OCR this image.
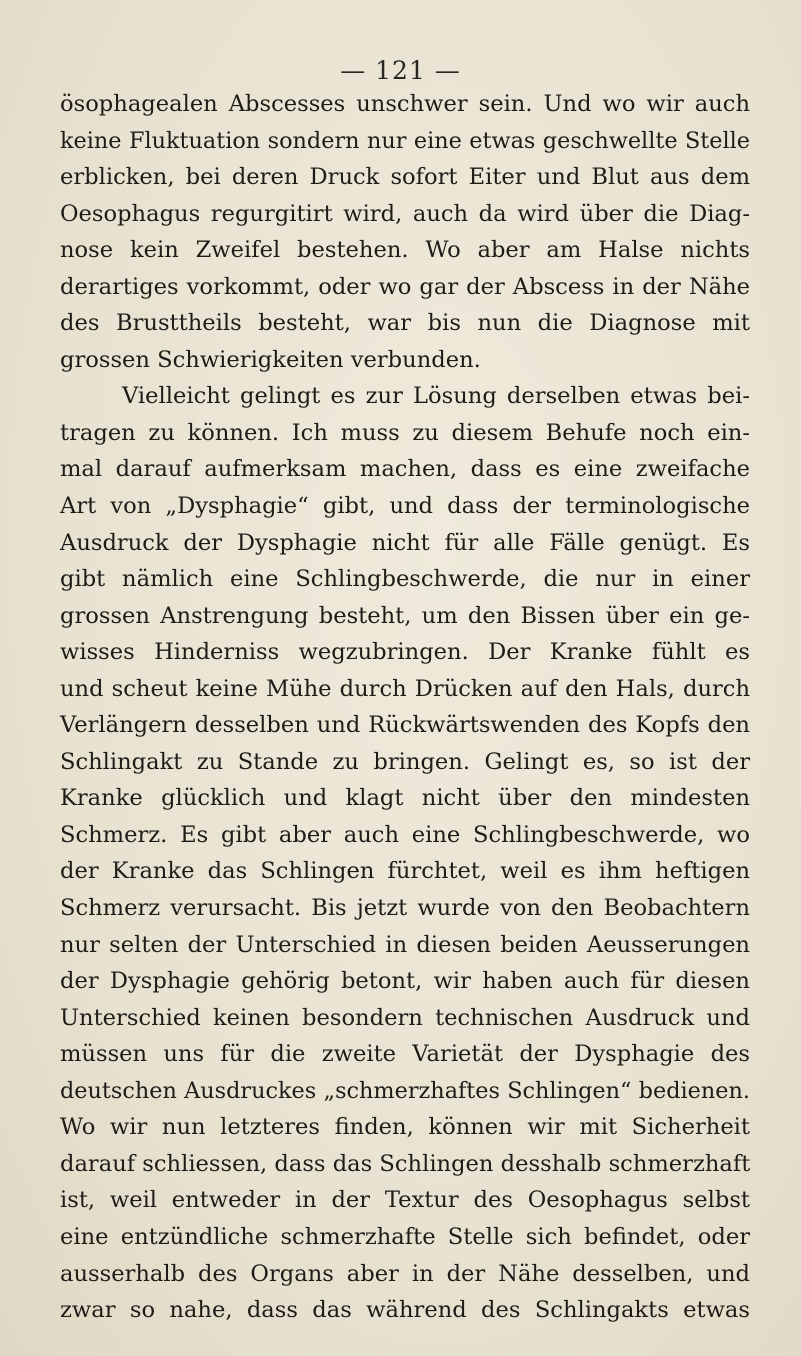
— 121 —
ösophagealen Abscesses unschwer sein. Und wo wir auch
keine Fluktuation sondern nur eine etwas geschwellte Stelle
erblicken, bei deren Druck sofort Eiter und Blut aus dem
Oesophagus regurgitirt wird, auch da wird über die Diag-
nose kein Zweifel bestehen. Wo aber am Halse nichts
derartiges vorkommt, oder wo gar der Abscess in der Nähe
des Brusttheils besteht, war bis nun die Diagnose mit
grossen Schwierigkeiten verbunden.
Vielleicht gelingt es zur Lösung derselben etwas bei-
tragen zu können. Ich muss zu diesem Behufe noch ein-
mal darauf aufmerksam machen, dass es eine zweifache
Art von „Dysphagie“ gibt, und dass der terminologische
Ausdruck der Dysphagie nicht für alle Fälle genügt. Es
gibt nämlich eine Schlingbeschwerde, die nur in einer
grossen Anstrengung besteht, um den Bissen über ein ge-
wisses Hinderniss wegzubringen. Der Kranke fühlt es
und scheut keine Mühe durch Drücken auf den Hals, durch
Verlängern desselben und Rückwärtswenden des Kopfs den
Schlingakt zu Stande zu bringen. Gelingt es, so ist der
Kranke glücklich und klagt nicht über den mindesten
Schmerz. Es gibt aber auch eine Schlingbeschwerde, wo
der Kranke das Schlingen fürchtet, weil es ihm heftigen
Schmerz verursacht. Bis jetzt wurde von den Beobachtern
nur selten der Unterschied in diesen beiden Aeusserungen
der Dysphagie gehörig betont, wir haben auch für diesen
Unterschied keinen besondern technischen Ausdruck und
müssen uns für die zweite Varietät der Dysphagie des
deutschen Ausdruckes „schmerzhaftes Schlingen“ bedienen.
Wo wir nun letzteres finden, können wir mit Sicherheit
darauf schliessen, dass das Schlingen desshalb schmerzhaft
ist, weil entweder in der Textur des Oesophagus selbst
eine entzündliche schmerzhafte Stelle sich befindet, oder
ausserhalb des Organs aber in der Nähe desselben, und
zwar so nahe, dass das während des Schlingakts etwas
